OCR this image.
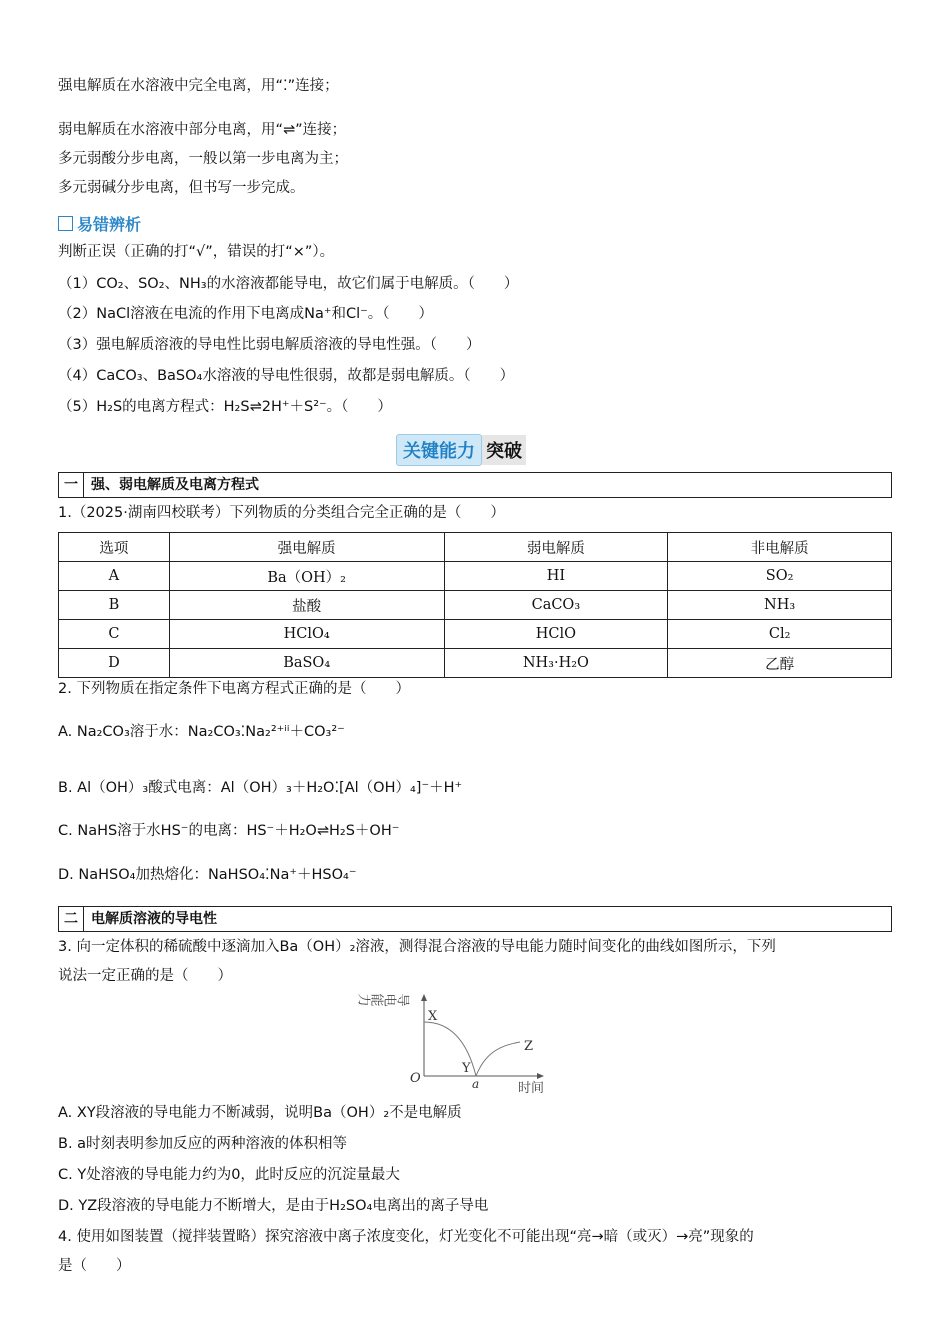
强电解质在水溶液中完全电离，用“⁚”连接；
弱电解质在水溶液中部分电离，用“⇌”连接；
多元弱酸分步电离，一般以第一步电离为主；
多元弱碱分步电离，但书写一步完成。
易错辨析
判断正误（正确的打“√”，错误的打“×”）。
（1）CO₂、SO₂、NH₃的水溶液都能导电，故它们属于电解质。（　　）
（2）NaCl溶液在电流的作用下电离成Na⁺和Cl⁻。（　　）
（3）强电解质溶液的导电性比弱电解质溶液的导电性强。（　　）
（4）CaCO₃、BaSO₄水溶液的导电性很弱，故都是弱电解质。（　　）
（5）H₂S的电离方程式：H₂S⇌2H⁺＋S²⁻。（　　）
关键能力 突破
一 强、弱电解质及电离方程式
1.（2025·湖南四校联考）下列物质的分类组合完全正确的是（　　）
选项	强电解质	弱电解质	非电解质
A	Ba（OH）₂	HI	SO₂
B	盐酸	CaCO₃	NH₃
C	HClO₄	HClO	Cl₂
D	BaSO₄	NH₃·H₂O	乙醇
2. 下列物质在指定条件下电离方程式正确的是（　　）
A. Na₂CO₃溶于水：Na₂CO₃⁚Na₂²⁺ⁱⁱ＋CO₃²⁻
B. Al（OH）₃酸式电离：Al（OH）₃＋H₂O⁚[Al（OH）₄]⁻＋H⁺
C. NaHS溶于水HS⁻的电离：HS⁻＋H₂O⇌H₂S＋OH⁻
D. NaHSO₄加热熔化：NaHSO₄⁚Na⁺＋HSO₄⁻
二 电解质溶液的导电性
3. 向一定体积的稀硫酸中逐滴加入Ba（OH）₂溶液，测得混合溶液的导电能力随时间变化的曲线如图所示，下列
说法一定正确的是（　　）
导电能力
X
Y
Z
a
O
时间
A. XY段溶液的导电能力不断减弱，说明Ba（OH）₂不是电解质
B. a时刻表明参加反应的两种溶液的体积相等
C. Y处溶液的导电能力约为0，此时反应的沉淀量最大
D. YZ段溶液的导电能力不断增大，是由于H₂SO₄电离出的离子导电
4. 使用如图装置（搅拌装置略）探究溶液中离子浓度变化，灯光变化不可能出现“亮→暗（或灭）→亮”现象的
是（　　）
